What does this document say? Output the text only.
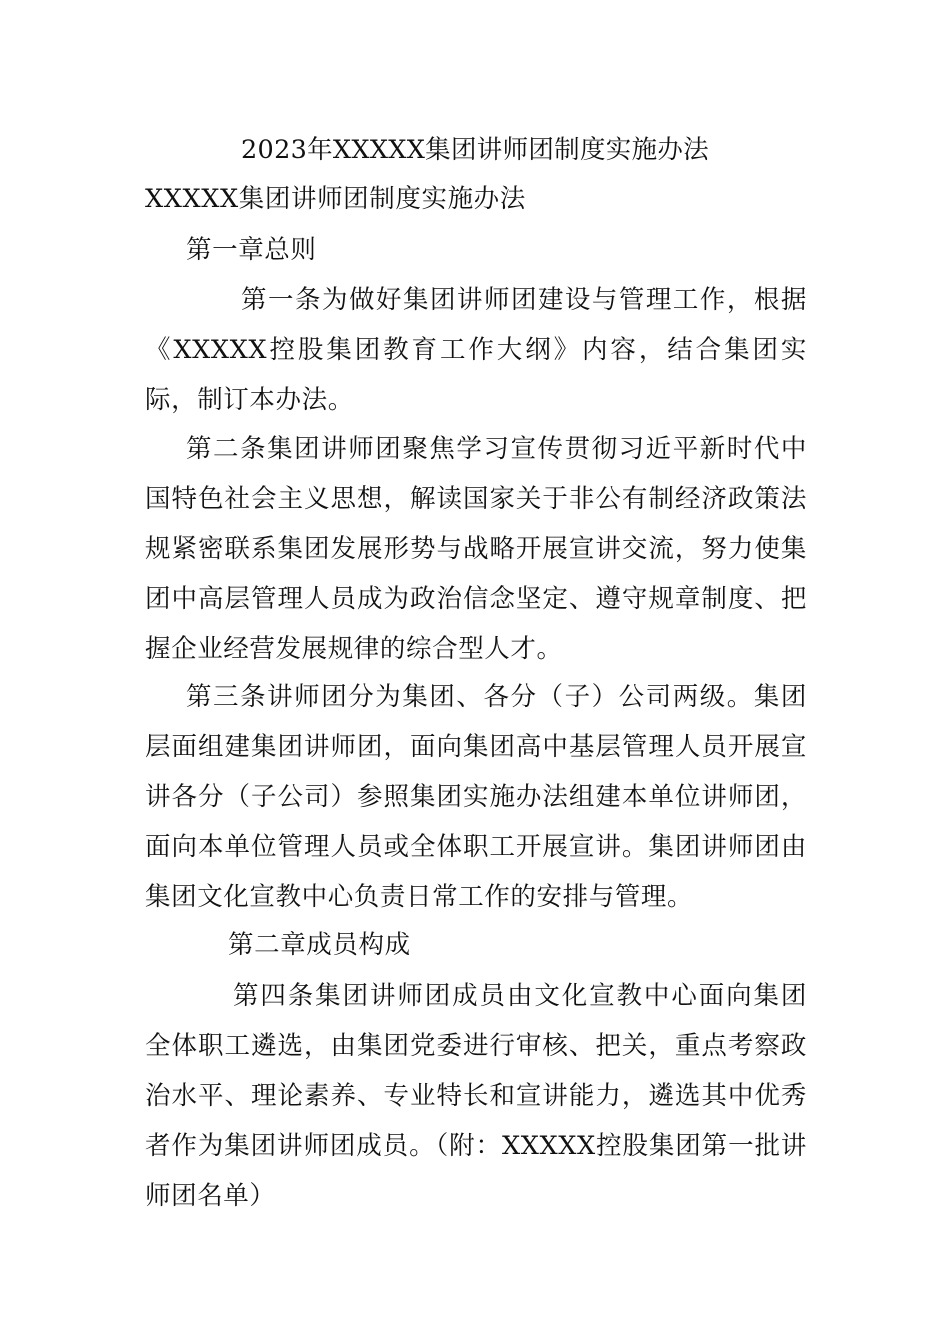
2023年XXXXX集团讲师团制度实施办法
XXXXX集团讲师团制度实施办法
第一章总则
第一条为做好集团讲师团建设与管理工作，根据《XXXXX控股集团教育工作大纲》内容，结合集团实际，制订本办法。
第二条集团讲师团聚焦学习宣传贯彻习近平新时代中国特色社会主义思想，解读国家关于非公有制经济政策法规紧密联系集团发展形势与战略开展宣讲交流，努力使集团中高层管理人员成为政治信念坚定、遵守规章制度、把握企业经营发展规律的综合型人才。
第三条讲师团分为集团、各分（子）公司两级。集团层面组建集团讲师团，面向集团高中基层管理人员开展宣讲各分（子公司）参照集团实施办法组建本单位讲师团，面向本单位管理人员或全体职工开展宣讲。集团讲师团由集团文化宣教中心负责日常工作的安排与管理。
第二章成员构成
第四条集团讲师团成员由文化宣教中心面向集团全体职工遴选，由集团党委进行审核、把关，重点考察政治水平、理论素养、专业特长和宣讲能力，遴选其中优秀者作为集团讲师团成员。（附：XXXXX控股集团第一批讲师团名单）
